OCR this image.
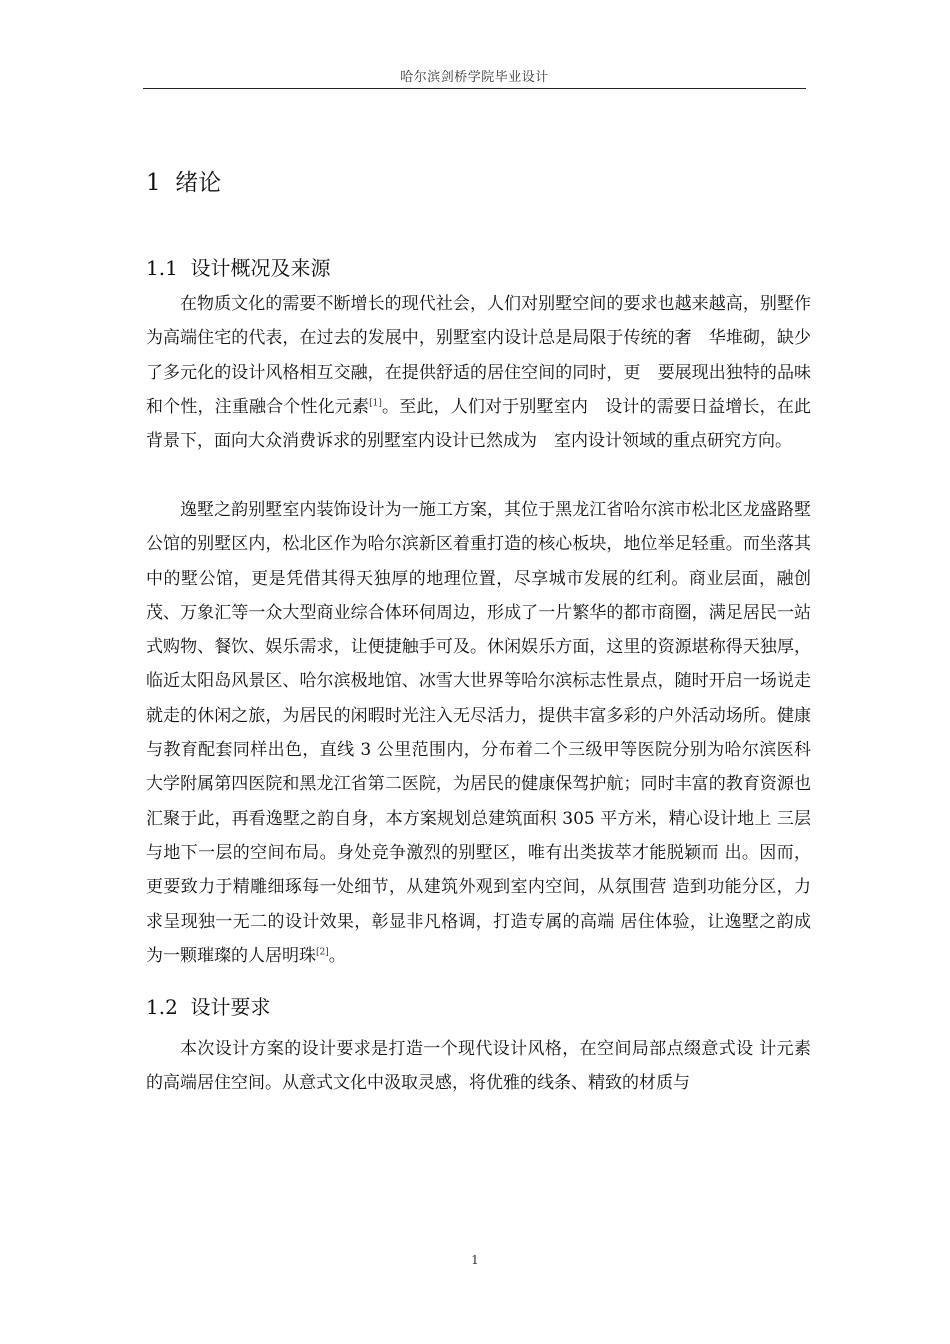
哈尔滨剑桥学院毕业设计
1 绪论
1.1 设计概况及来源

在物质文化的需要不断增长的现代社会，人们对别墅空间的要求也越来越高，别墅作为高端住宅的代表，在过去的发展中，别墅室内设计总是局限于传统的奢　华堆砌，缺少了多元化的设计风格相互交融，在提供舒适的居住空间的同时，更　要展现出独特的品味和个性，注重融合个性化元素[1]。至此，人们对于别墅室内　设计的需要日益增长，在此背景下，面向大众消费诉求的别墅室内设计已然成为　室内设计领域的重点研究方向。

逸墅之韵别墅室内装饰设计为一施工方案，其位于黑龙江省哈尔滨市松北区龙盛路墅公馆的别墅区内，松北区作为哈尔滨新区着重打造的核心板块，地位举足轻重。而坐落其中的墅公馆，更是凭借其得天独厚的地理位置，尽享城市发展的红利。商业层面，融创茂、万象汇等一众大型商业综合体环伺周边，形成了一片繁华的都市商圈，满足居民一站式购物、餐饮、娱乐需求，让便捷触手可及。休闲娱乐方面，这里的资源堪称得天独厚，临近太阳岛风景区、哈尔滨极地馆、冰雪大世界等哈尔滨标志性景点，随时开启一场说走就走的休闲之旅，为居民的闲暇时光注入无尽活力，提供丰富多彩的户外活动场所。健康与教育配套同样出色，直线 3 公里范围内，分布着二个三级甲等医院分别为哈尔滨医科大学附属第四医院和黑龙江省第二医院，为居民的健康保驾护航；同时丰富的教育资源也汇聚于此，再看逸墅之韵自身，本方案规划总建筑面积 305 平方米，精心设计地上 三层与地下一层的空间布局。身处竞争激烈的别墅区，唯有出类拔萃才能脱颖而 出。因而，更要致力于精雕细琢每一处细节，从建筑外观到室内空间，从氛围营 造到功能分区，力求呈现独一无二的设计效果，彰显非凡格调，打造专属的高端 居住体验，让逸墅之韵成为一颗璀璨的人居明珠[2]。

1.2 设计要求

本次设计方案的设计要求是打造一个现代设计风格，在空间局部点缀意式设 计元素的高端居住空间。从意式文化中汲取灵感，将优雅的线条、精致的材质与

1
